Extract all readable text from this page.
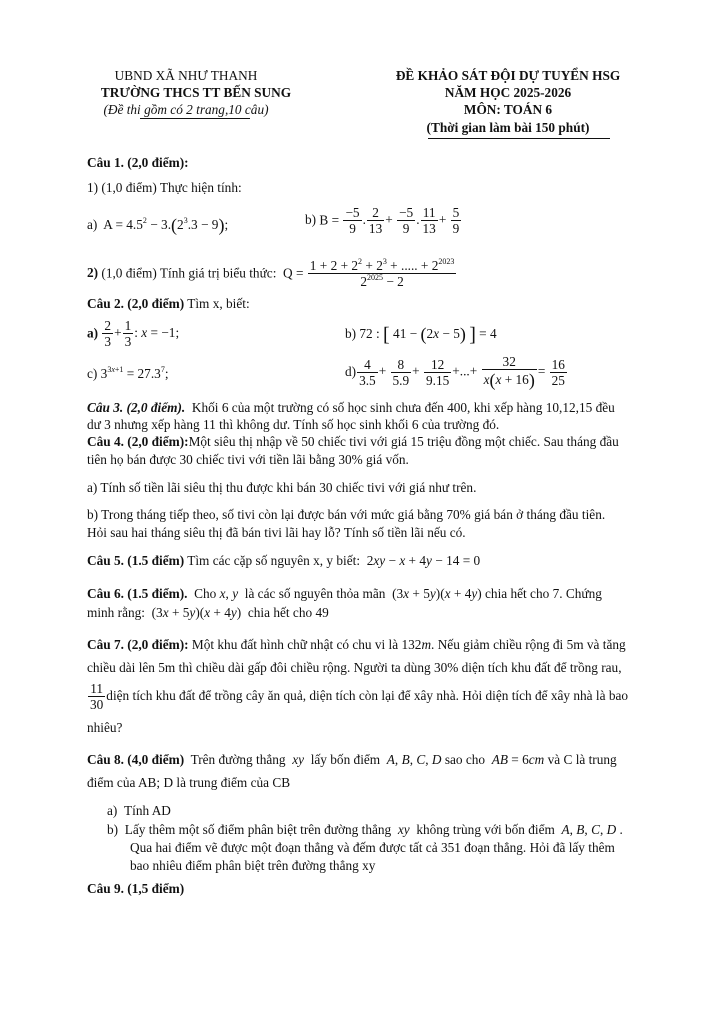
UBND XÃ NHƯ THANH
TRƯỜNG THCS TT BẾN SUNG
(Đề thi gồm có 2 trang,10 câu)
ĐỀ KHẢO SÁT ĐỘI DỰ TUYỂN HSG
NĂM HỌC 2025-2026
MÔN: TOÁN 6
(Thời gian làm bài 150 phút)
Câu 1. (2,0 điểm):
1) (1,0 điểm) Thực hiện tính:
a) $A = 4.5^2 - 3.(2^3.3 - 9)$;	b) $B = \frac{-5}{9}$ . $\frac{2}{13} + \frac{-5}{9}$ . $\frac{11}{13} + \frac{5}{9}$
2) (1,0 điểm) Tính giá trị biểu thức:  $Q = \frac{1 + 2 + 2^2 + 2^3 + ..... + 2^{2023}}{2^{2025} - 2}$
Câu 2. (2,0 điểm) Tìm x, biết:
$a) \frac{2}{3} + \frac{1}{3}$ : x = −1;	b) 72 : [ 41 − (2x − 5) ] = 4
c) $3^{3x+1} = 27.3^7$;	$d) \frac{4}{3.5} + \frac{8}{5.9} + \frac{12}{9.15}$ +...+ $\frac{32}{x(x + 16)} = \frac{16}{25}$
Câu 3. (2,0 điểm). Khối 6 của một trường có số học sinh chưa đến 400, khi xếp hàng 10,12,15 đều
dư 3 nhưng xếp hàng 11 thì không dư. Tính số học sinh khối 6 của trường đó.
Câu 4. (2,0 điểm):Một siêu thị nhập về 50 chiếc tivi với giá 15 triệu đồng một chiếc. Sau tháng đầu
tiên họ bán được 30 chiếc tivi với tiền lãi bằng 30% giá vốn.
a) Tính số tiền lãi siêu thị thu được khi bán 30 chiếc tivi với giá như trên.
b) Trong tháng tiếp theo, số tivi còn lại được bán với mức giá bằng 70% giá bán ở tháng đầu tiên.
Hỏi sau hai tháng siêu thị đã bán tivi lãi hay lỗ? Tính số tiền lãi nếu có.
Câu 5. (1.5 điểm) Tìm các cặp số nguyên x, y biết:  2xy − x + 4y − 14 = 0
Câu 6. (1.5 điểm). Cho x, y là các số nguyên thỏa mãn  (3x + 5y)(x + 4y) chia hết cho 7. Chứng
minh rằng:  (3x + 5y)(x + 4y)  chia hết cho 49
Câu 7. (2,0 điểm): Một khu đất hình chữ nhật có chu vi là 132m. Nếu giảm chiều rộng đi 5m và tăng
chiều dài lên 5m thì chiều dài gấp đôi chiều rộng. Người ta dùng 30% diện tích khu đất để trồng rau,
$\frac{11}{30}$ diện tích khu đất để trồng cây ăn quả, diện tích còn lại để xây nhà. Hỏi diện tích để xây nhà là bao
nhiêu?
Câu 8. (4,0 điểm) Trên đường thẳng xy lấy bốn điểm A, B, C, D sao cho AB = 6cm và C là trung
điểm của AB; D là trung điểm của CB
a) Tính AD
b) Lấy thêm một số điểm phân biệt trên đường thẳng xy không trùng với bốn điểm A, B, C, D .
Qua hai điểm vẽ được một đoạn thẳng và đếm được tất cả 351 đoạn thẳng. Hỏi đã lấy thêm
bao nhiêu điểm phân biệt trên đường thẳng xy
Câu 9. (1,5 điểm)
